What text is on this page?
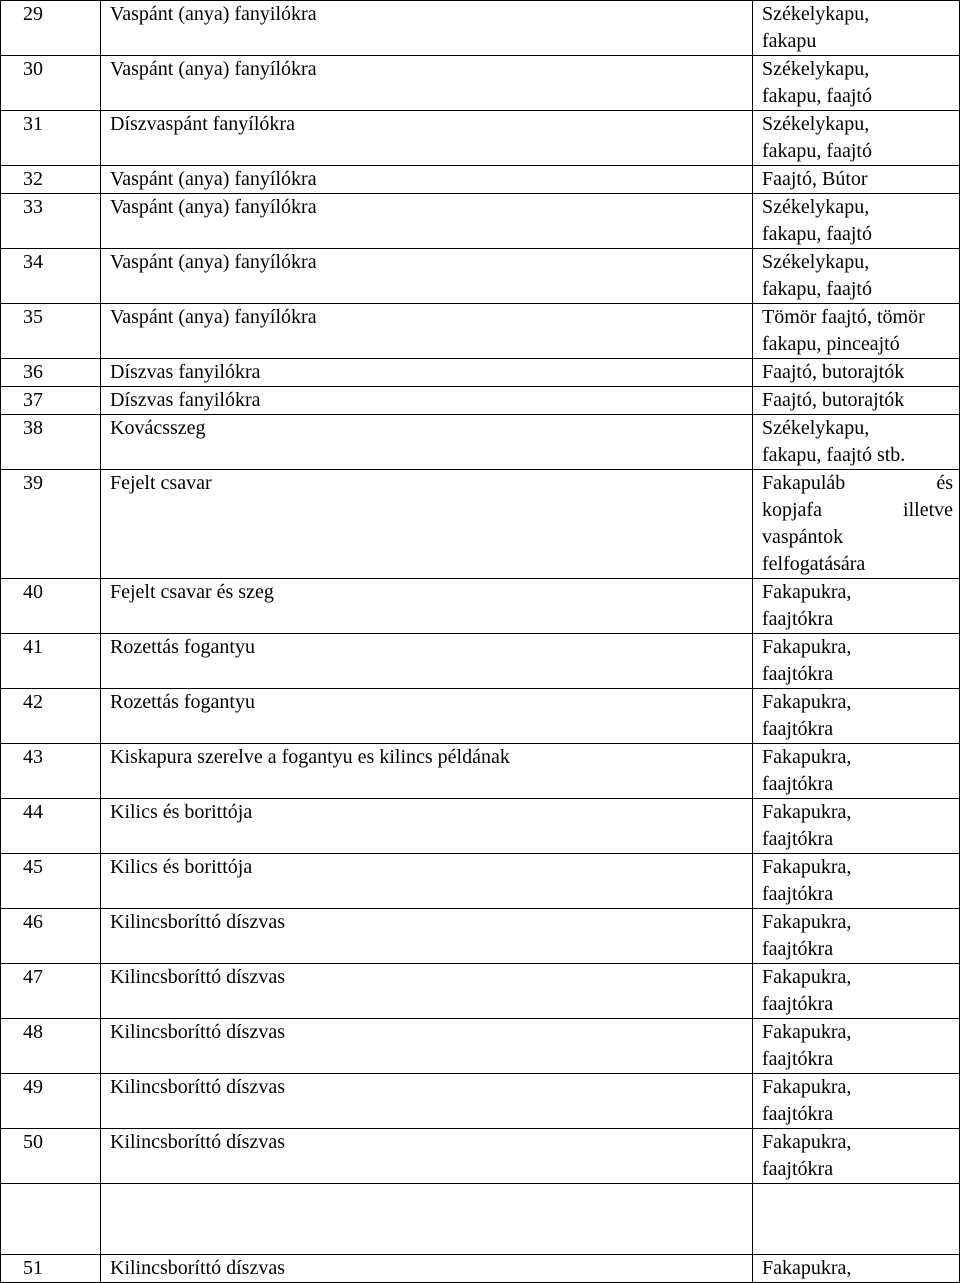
29	Vaspánt (anya) fanyilókra	Székelykapu,
fakapu

30	Vaspánt (anya) fanyílókra	Székelykapu,
fakapu, faajtó

31	Díszvaspánt fanyílókra	Székelykapu,
fakapu, faajtó

32	Vaspánt (anya) fanyílókra	Faajtó, Bútor

33	Vaspánt (anya) fanyílókra	Székelykapu,
fakapu, faajtó

34	Vaspánt (anya) fanyílókra	Székelykapu,
fakapu, faajtó

35	Vaspánt (anya) fanyílókra	Tömör faajtó, tömör
fakapu, pinceajtó

36	Díszvas fanyilókra	Faajtó, butorajtók

37	Díszvas fanyilókra	Faajtó, butorajtók

38	Kovácsszeg	Székelykapu,
fakapu, faajtó stb.

39	Fejelt csavar	Fakapuláb és
kopjafa illetve
vaspántok
felfogatására

40	Fejelt csavar és szeg	Fakapukra,
faajtókra

41	Rozettás fogantyu	Fakapukra,
faajtókra

42	Rozettás fogantyu	Fakapukra,
faajtókra

43	Kiskapura szerelve a fogantyu es kilincs példának	Fakapukra,
faajtókra

44	Kilics és borittója	Fakapukra,
faajtókra

45	Kilics és borittója	Fakapukra,
faajtókra

46	Kilincsboríttó díszvas	Fakapukra,
faajtókra

47	Kilincsboríttó díszvas	Fakapukra,
faajtókra

48	Kilincsboríttó díszvas	Fakapukra,
faajtókra

49	Kilincsboríttó díszvas	Fakapukra,
faajtókra

50	Kilincsboríttó díszvas	Fakapukra,
faajtókra

51	Kilincsboríttó díszvas	Fakapukra,
